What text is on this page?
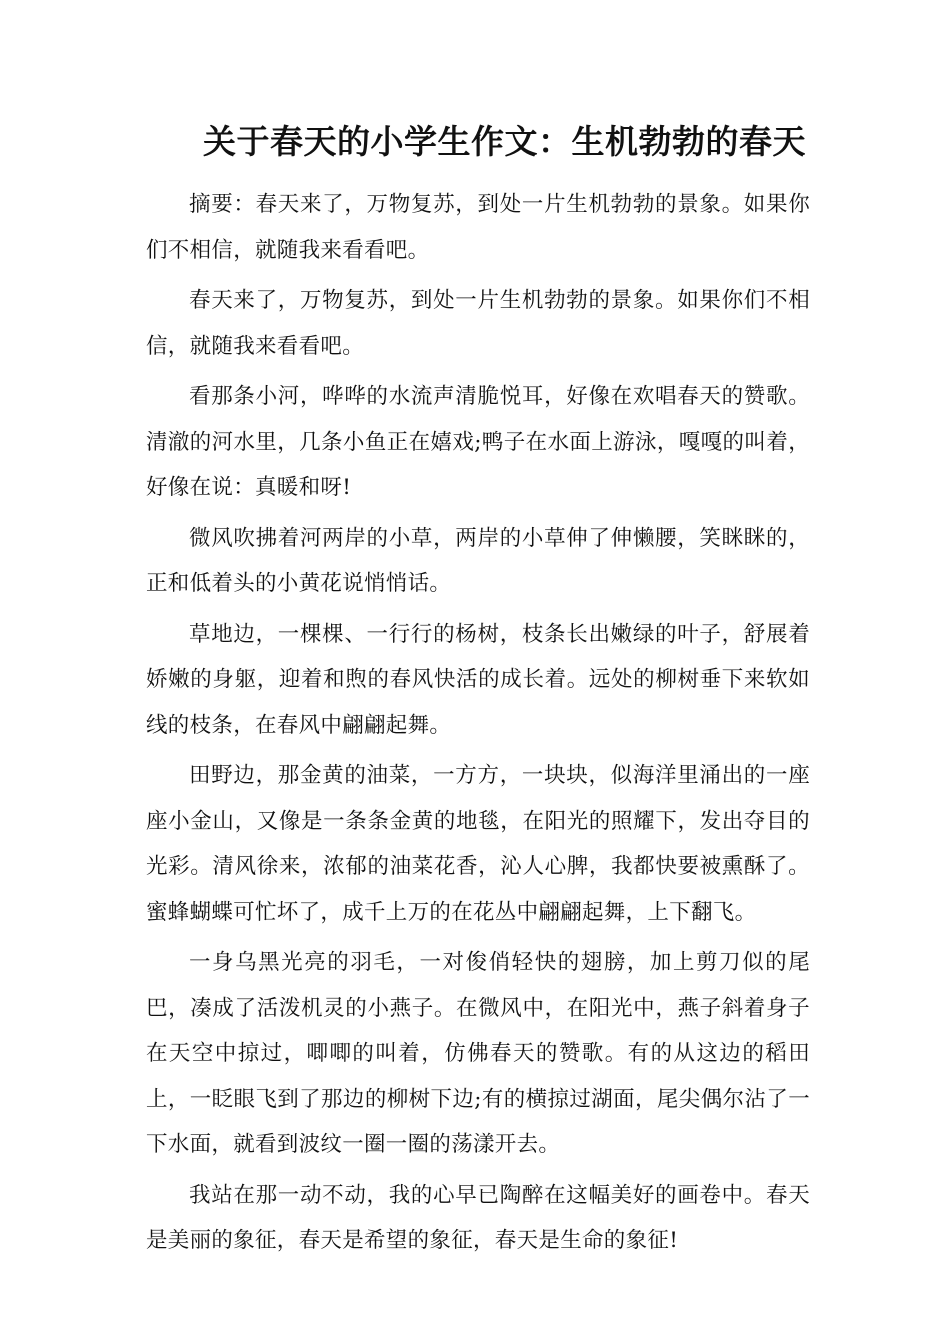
关于春天的小学生作文：生机勃勃的春天

摘要：春天来了，万物复苏，到处一片生机勃勃的景象。如果你们不相信，就随我来看看吧。

春天来了，万物复苏，到处一片生机勃勃的景象。如果你们不相信，就随我来看看吧。

看那条小河，哗哗的水流声清脆悦耳，好像在欢唱春天的赞歌。清澈的河水里，几条小鱼正在嬉戏;鸭子在水面上游泳，嘎嘎的叫着，好像在说：真暖和呀!

微风吹拂着河两岸的小草，两岸的小草伸了伸懒腰，笑眯眯的，正和低着头的小黄花说悄悄话。

草地边，一棵棵、一行行的杨树，枝条长出嫩绿的叶子，舒展着娇嫩的身躯，迎着和煦的春风快活的成长着。远处的柳树垂下来软如线的枝条，在春风中翩翩起舞。

田野边，那金黄的油菜，一方方，一块块，似海洋里涌出的一座座小金山，又像是一条条金黄的地毯，在阳光的照耀下，发出夺目的光彩。清风徐来，浓郁的油菜花香，沁人心脾，我都快要被熏酥了。蜜蜂蝴蝶可忙坏了，成千上万的在花丛中翩翩起舞，上下翻飞。

一身乌黑光亮的羽毛，一对俊俏轻快的翅膀，加上剪刀似的尾巴，凑成了活泼机灵的小燕子。在微风中，在阳光中，燕子斜着身子在天空中掠过，唧唧的叫着，仿佛春天的赞歌。有的从这边的稻田上，一眨眼飞到了那边的柳树下边;有的横掠过湖面，尾尖偶尔沾了一下水面，就看到波纹一圈一圈的荡漾开去。

我站在那一动不动，我的心早已陶醉在这幅美好的画卷中。春天是美丽的象征，春天是希望的象征，春天是生命的象征!
